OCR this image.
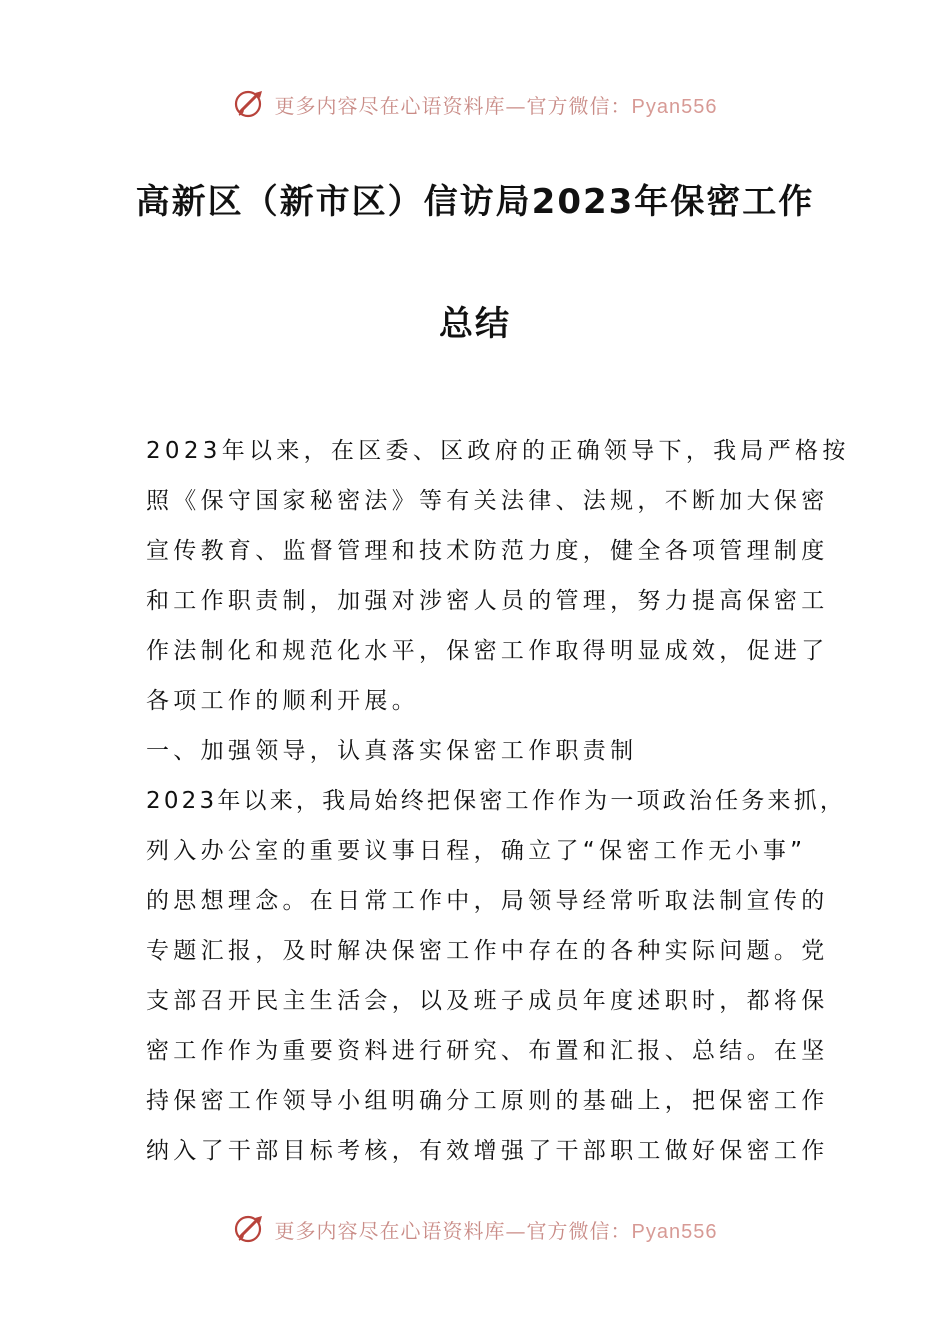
更多内容尽在心语资料库—官方微信：Pyan556
高新区（新市区）信访局2023年保密工作
总结
2023年以来，在区委、区政府的正确领导下，我局严格按
照《保守国家秘密法》等有关法律、法规，不断加大保密
宣传教育、监督管理和技术防范力度，健全各项管理制度
和工作职责制，加强对涉密人员的管理，努力提高保密工
作法制化和规范化水平，保密工作取得明显成效，促进了
各项工作的顺利开展。
一、加强领导，认真落实保密工作职责制
2023年以来，我局始终把保密工作作为一项政治任务来抓，
列入办公室的重要议事日程，确立了“保密工作无小事”
的思想理念。在日常工作中，局领导经常听取法制宣传的
专题汇报，及时解决保密工作中存在的各种实际问题。党
支部召开民主生活会，以及班子成员年度述职时，都将保
密工作作为重要资料进行研究、布置和汇报、总结。在坚
持保密工作领导小组明确分工原则的基础上，把保密工作
纳入了干部目标考核，有效增强了干部职工做好保密工作
更多内容尽在心语资料库—官方微信：Pyan556
